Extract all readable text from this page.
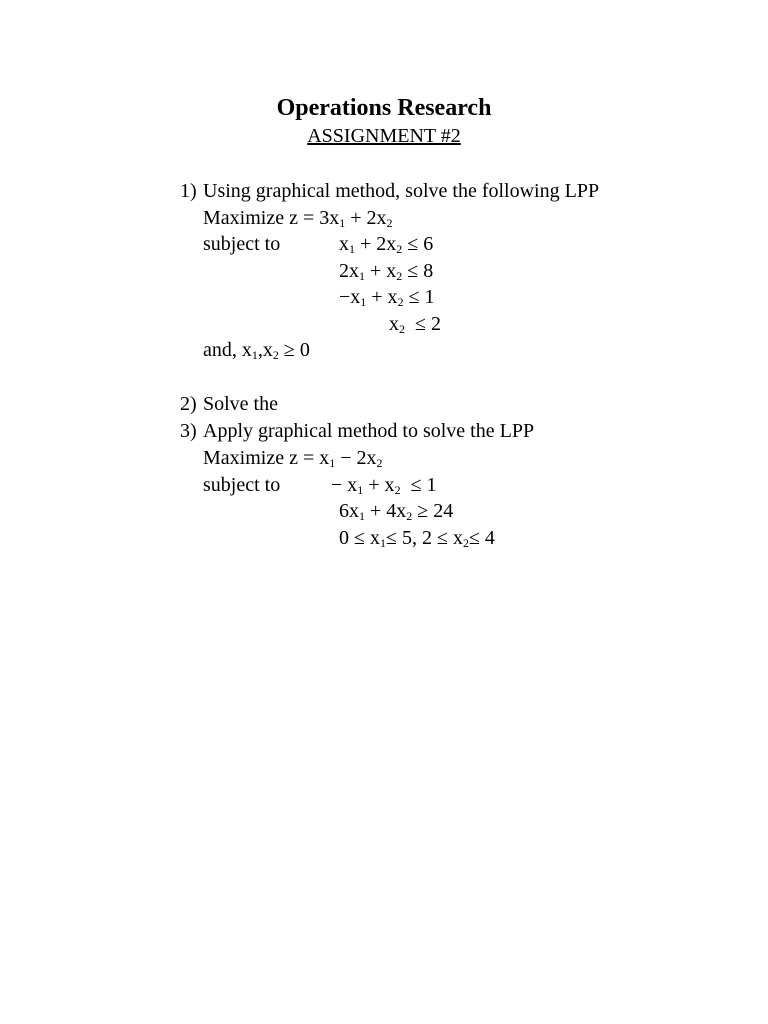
Operations Research
ASSIGNMENT #2
1) Using graphical method, solve the following LPP
Maximize $z = 3x_1 + 2x_2$
subject to	$x_1 + 2x_2 \le 6$
$2x_1 + x_2 \le 8$
$-x_1 + x_2 \le 1$
$x_2 \le 2$
and, $x_1,x_2 \ge 0$
2) Solve the
3) Apply graphical method to solve the LPP
Maximize $z = x_1 - 2x_2$
subject to	− $x_1 + x_2 \le 1$
$6x_1 + 4x_2 \ge 24$
$0 \le x_1\le 5$, $2 \le x_2\le 4$
